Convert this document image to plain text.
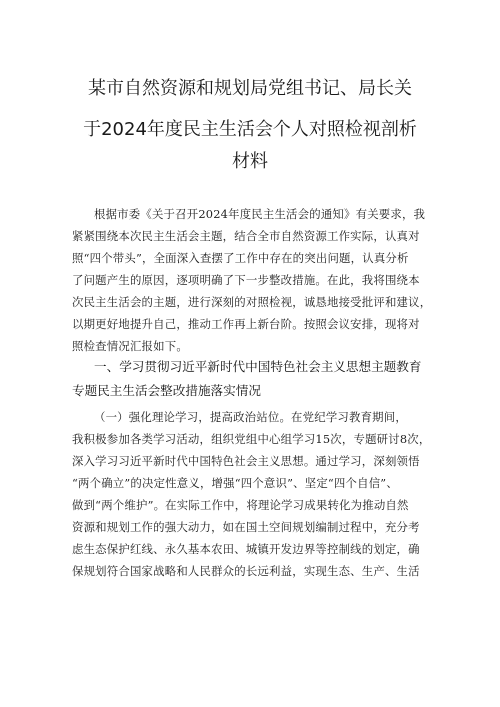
某市自然资源和规划局党组书记、局长关
于2024年度民主生活会个人对照检视剖析
材料
根据市委《关于召开2024年度民主生活会的通知》有关要求，我
紧紧围绕本次民主生活会主题，结合全市自然资源工作实际，认真对
照“四个带头”，全面深入查摆了工作中存在的突出问题，认真分析
了问题产生的原因，逐项明确了下一步整改措施。在此，我将围绕本
次民主生活会的主题，进行深刻的对照检视，诚恳地接受批评和建议，
以期更好地提升自己，推动工作再上新台阶。按照会议安排，现将对
照检查情况汇报如下。
一、学习贯彻习近平新时代中国特色社会主义思想主题教育
专题民主生活会整改措施落实情况
（一）强化理论学习，提高政治站位。在党纪学习教育期间，
我积极参加各类学习活动，组织党组中心组学习15次，专题研讨8次，
深入学习习近平新时代中国特色社会主义思想。通过学习，深刻领悟
“两个确立”的决定性意义，增强“四个意识”、坚定“四个自信”、
做到“两个维护”。在实际工作中，将理论学习成果转化为推动自然
资源和规划工作的强大动力，如在国土空间规划编制过程中，充分考
虑生态保护红线、永久基本农田、城镇开发边界等控制线的划定，确
保规划符合国家战略和人民群众的长远利益，实现生态、生产、生活
